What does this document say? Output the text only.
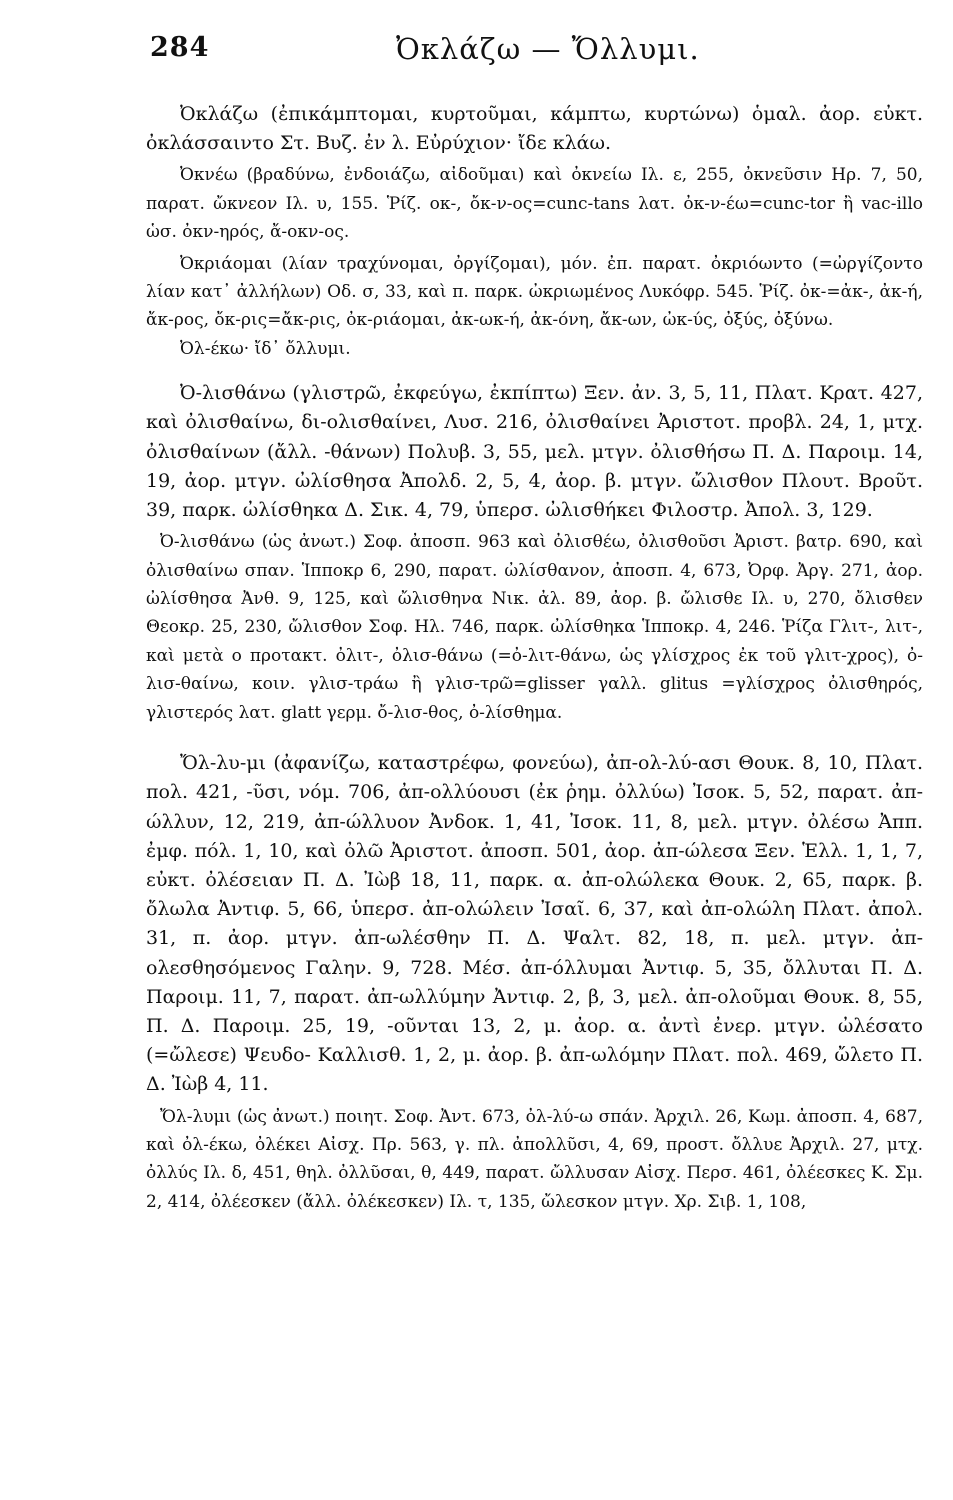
284	Ὀκλάζω — Ὄλλυμι.

Ὀκλάζω (ἐπικάμπτομαι, κυρτοῦμαι, κάμπτω, κυρτώνω) ὁμαλ. ἀορ. εὐκτ. ὀκλάσσαιντο Στ. Βυζ. ἐν λ. Εὐρύχιον· ἴδε κλάω.

Ὀκνέω (βραδύνω, ἐνδοιάζω, αἰδοῦμαι) καὶ ὀκνείω Ιλ. ε, 255, ὀκνεῦσιν Ηρ. 7, 50, παρατ. ὤκνεον Ιλ. υ, 155. Ῥίζ. οκ-, ὄκ-ν-ος=cunc-tans λατ. ὀκ-ν-έω=cunc-tor ἢ vac-illo ὡσ. ὀκν-ηρός, ἄ-οκν-ος.

Ὀκριάομαι (λίαν τραχύνομαι, ὀργίζομαι), μόν. ἐπ. παρατ. ὀκριόωντο (=ὠργίζοντο λίαν κατ᾽ ἀλλήλων) Οδ. σ, 33, καὶ π. παρκ. ὠκριωμένος Λυκόφρ. 545. Ῥίζ. ὀκ-=ἀκ-, ἀκ-ή, ἄκ-ρος, ὄκ-ρις=ἄκ-ρις, ὀκ-ριάομαι, ἀκ-ωκ-ή, ἀκ-όνη, ἄκ-ων, ὠκ-ύς, ὀξύς, ὀξύνω.

Ὀλ-έκω· ἴδ᾽ ὄλλυμι.

Ὀ-λισθάνω (γλιστρῶ, ἐκφεύγω, ἐκπίπτω) Ξεν. ἀν. 3, 5, 11, Πλατ. Κρατ. 427, καὶ ὀλισθαίνω, δι-ολισθαίνει, Λυσ. 216, ὀλισθαίνει Ἀριστοτ. προβλ. 24, 1, μτχ. ὀλισθαίνων (ἄλλ. -θάνων) Πολυβ. 3, 55, μελ. μτγν. ὀλισθήσω Π. Δ. Παροιμ. 14, 19, ἀορ. μτγν. ὠλίσθησα Ἀπολδ. 2, 5, 4, ἀορ. β. μτγν. ὤλισθον Πλουτ. Βροῦτ. 39, παρκ. ὠλίσθηκα Δ. Σικ. 4, 79, ὑπερσ. ὠλισθήκει Φιλοστρ. Ἀπολ. 3, 129.

Ὀ-λισθάνω (ὡς ἀνωτ.) Σοφ. ἀποσπ. 963 καὶ ὀλισθέω, ὀλισθοῦσι Ἀριστ. βατρ. 690, καὶ ὀλισθαίνω σπαν. Ἱπποκρ 6, 290, παρατ. ὠλίσθανον, ἀποσπ. 4, 673, Ὀρφ. Ἀργ. 271, ἀορ. ὠλίσθησα Ἀνθ. 9, 125, καὶ ὤλισθηνα Νικ. ἀλ. 89, ἀορ. β. ὤλισθε Ιλ. υ, 270, ὄλισθεν Θεοκρ. 25, 230, ὤλισθον Σοφ. Ηλ. 746, παρκ. ὠλίσθηκα Ἱπποκρ. 4, 246. Ῥίζα Γλιτ-, λιτ-, καὶ μετὰ ο προτακτ. ὀλιτ-, ὀλισ-θάνω (=ὀ-λιτ-θάνω, ὡς γλίσχρος ἐκ τοῦ γλιτ-χρος), ὀ-λισ-θαίνω, κοιν. γλισ-τράω ἢ γλισ-τρῶ=glisser γαλλ. glitus =γλίσχρος ὀλισθηρός, γλιστερός λατ. glatt γερμ. ὄ-λισ-θος, ὀ-λίσθημα.

Ὄλ-λυ-μι (ἀφανίζω, καταστρέφω, φονεύω), ἀπ-ολ-λύ-ασι Θουκ. 8, 10, Πλατ. πολ. 421, -ῦσι, νόμ. 706, ἀπ-ολλύουσι (ἐκ ῥημ. ὀλλύω) Ἰσοκ. 5, 52, παρατ. ἀπ-ώλλυν, 12, 219, ἀπ-ώλλυον Ἀνδοκ. 1, 41, Ἰσοκ. 11, 8, μελ. μτγν. ὀλέσω Ἀππ. ἐμφ. πόλ. 1, 10, καὶ ὀλῶ Ἀριστοτ. ἀποσπ. 501, ἀορ. ἀπ-ώλεσα Ξεν. Ἑλλ. 1, 1, 7, εὐκτ. ὀλέσειαν Π. Δ. Ἰὼβ 18, 11, παρκ. α. ἀπ-ολώλεκα Θουκ. 2, 65, παρκ. β. ὄλωλα Ἀντιφ. 5, 66, ὑπερσ. ἀπ-ολώλειν Ἰσαῖ. 6, 37, καὶ ἀπ-ολώλη Πλατ. ἀπολ. 31, π. ἀορ. μτγν. ἀπ-ωλέσθην Π. Δ. Ψαλτ. 82, 18, π. μελ. μτγν. ἀπ-ολεσθησόμενος Γαλην. 9, 728. Μέσ. ἀπ-όλλυμαι Ἀντιφ. 5, 35, ὄλλυται Π. Δ. Παροιμ. 11, 7, παρατ. ἀπ-ωλλύμην Ἀντιφ. 2, β, 3, μελ. ἀπ-ολοῦμαι Θουκ. 8, 55, Π. Δ. Παροιμ. 25, 19, -οῦνται 13, 2, μ. ἀορ. α. ἀντὶ ἐνερ. μτγν. ὠλέσατο (=ὤλεσε) Ψευδο- Καλλισθ. 1, 2, μ. ἀορ. β. ἀπ-ωλόμην Πλατ. πολ. 469, ὤλετο Π. Δ. Ἰὼβ 4, 11.

Ὄλ-λυμι (ὡς ἀνωτ.) ποιητ. Σοφ. Ἀντ. 673, ὀλ-λύ-ω σπάν. Ἀρχιλ. 26, Κωμ. ἀποσπ. 4, 687, καὶ ὀλ-έκω, ὀλέκει Αἰσχ. Πρ. 563, γ. πλ. ἀπολλῦσι, 4, 69, προστ. ὄλλυε Ἀρχιλ. 27, μτχ. ὀλλύς Ιλ. δ, 451, θηλ. ὀλλῦσαι, θ, 449, παρατ. ὤλλυσαν Αἰσχ. Περσ. 461, ὀλέεσκες Κ. Σμ. 2, 414, ὀλέεσκεν (ἄλλ. ὀλέκεσκεν) Ιλ. τ, 135, ὤλεσκον μτγν. Χρ. Σιβ. 1, 108,
